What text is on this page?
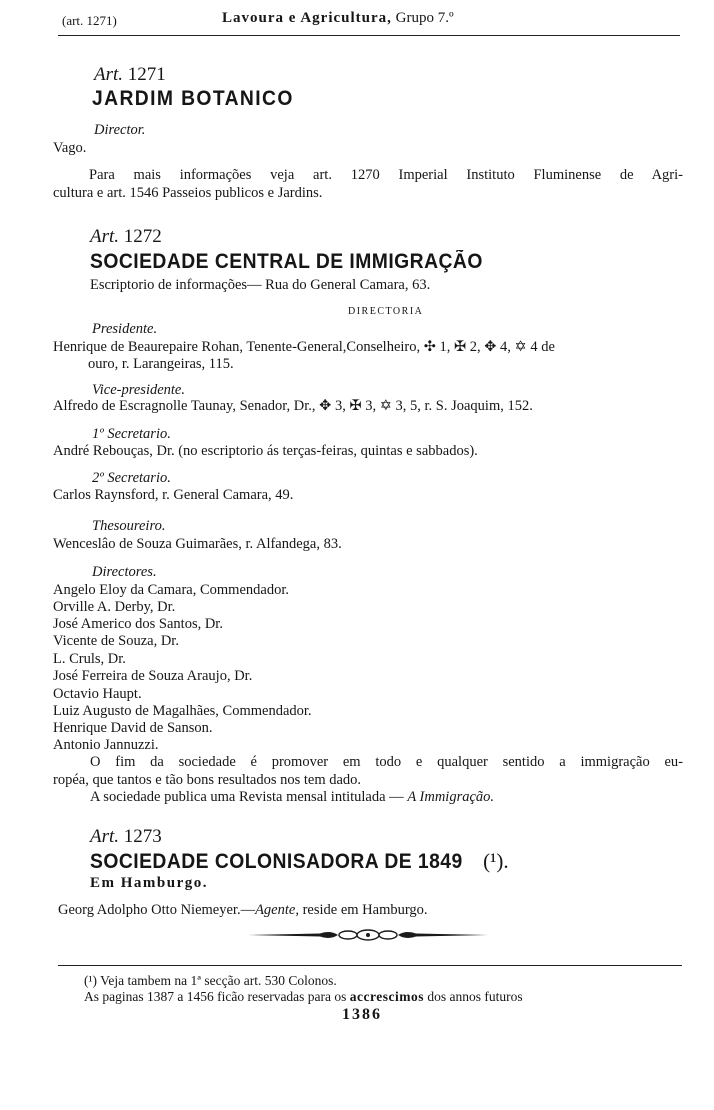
(art. 1271)	Lavoura e Agricultura, Grupo 7.º
Art. 1271
JARDIM BOTANICO
Director.
Vago.
Para mais informações veja art. 1270 Imperial Instituto Fluminense de Agri-
cultura e art. 1546 Passeios publicos e Jardins.
Art. 1272
SOCIEDADE CENTRAL DE IMMIGRAÇÃO
Escriptorio de informações— Rua do General Camara, 63.
DIRECTORIA
Presidente.
Henrique de Beaurepaire Rohan, Tenente-General,Conselheiro, ✣ 1, ✠ 2, ✥ 4, ✡ 4 de
ouro, r. Larangeiras, 115.
Vice-presidente.
Alfredo de Escragnolle Taunay, Senador, Dr., ✥ 3, ✠ 3, ✡ 3, 5, r. S. Joaquim, 152.
1º Secretario.
André Rebouças, Dr. (no escriptorio ás terças-feiras, quintas e sabbados).
2º Secretario.
Carlos Raynsford, r. General Camara, 49.
Thesoureiro.
Wenceslâo de Souza Guimarães, r. Alfandega, 83.
Directores.
Angelo Eloy da Camara, Commendador.
Orville A. Derby, Dr.
José Americo dos Santos, Dr.
Vicente de Souza, Dr.
L. Cruls, Dr.
José Ferreira de Souza Araujo, Dr.
Octavio Haupt.
Luiz Augusto de Magalhães, Commendador.
Henrique David de Sanson.
Antonio Jannuzzi.
O fim da sociedade é promover em todo e qualquer sentido a immigração eu-
ropéa, que tantos e tão bons resultados nos tem dado.
A sociedade publica uma Revista mensal intitulada — A Immigração.
Art. 1273
SOCIEDADE COLONISADORA DE 1849 (¹).
Em Hamburgo.
Georg Adolpho Otto Niemeyer.—Agente, reside em Hamburgo.
(¹) Veja tambem na 1ª secção art. 530 Colonos.
As paginas 1387 a 1456 ficão reservadas para os accrescimos dos annos futuros
1386
